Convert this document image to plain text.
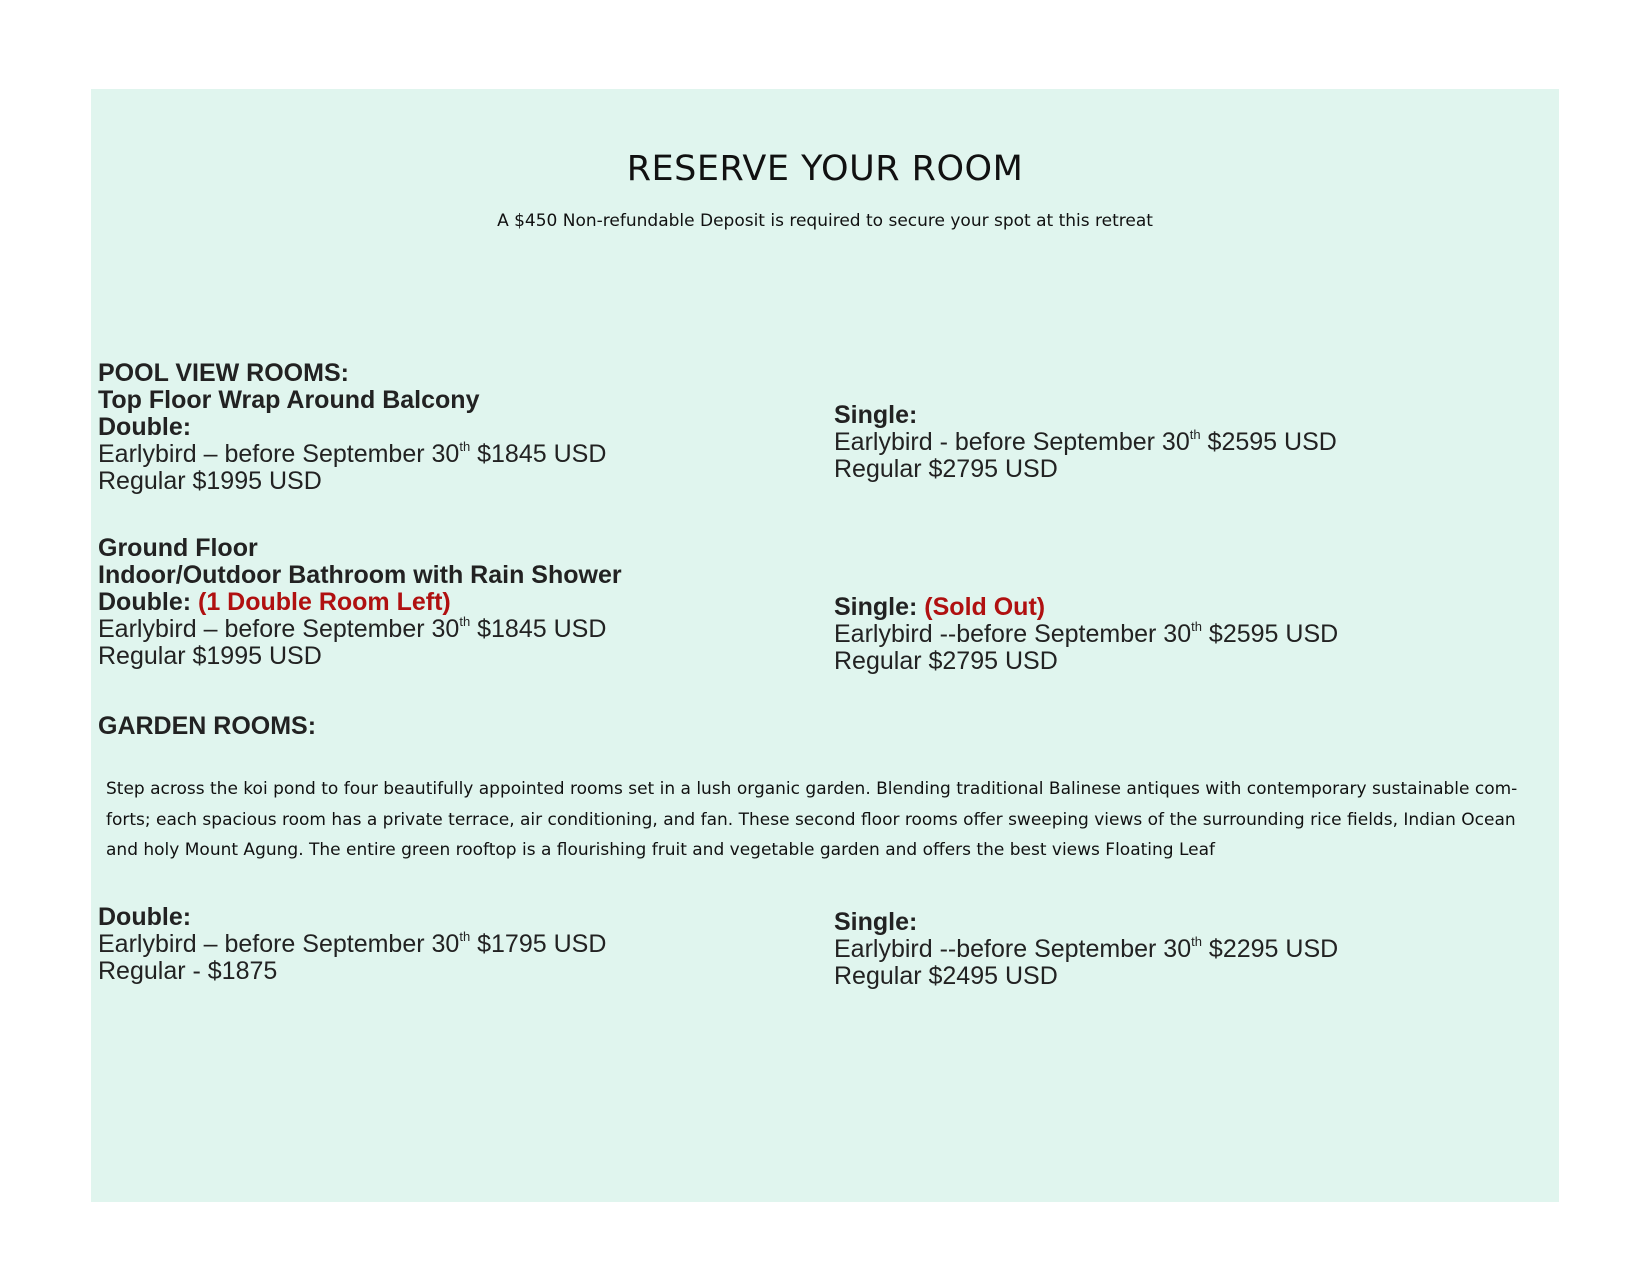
RESERVE YOUR ROOM
A $450 Non-refundable Deposit is required to secure your spot at this retreat
POOL VIEW ROOMS:
Top Floor Wrap Around Balcony
Double:
Earlybird – before September 30th $1845 USD
Regular $1995 USD
Single:
Earlybird - before September 30th $2595 USD
Regular $2795 USD
Ground Floor
Indoor/Outdoor Bathroom with Rain Shower
Double: (1 Double Room Left)
Earlybird – before September 30th $1845 USD
Regular $1995 USD
Single: (Sold Out)
Earlybird --before September 30th $2595 USD
Regular $2795 USD
GARDEN ROOMS:
Step across the koi pond to four beautifully appointed rooms set in a lush organic garden. Blending traditional Balinese antiques with contemporary sustainable com-forts; each spacious room has a private terrace, air conditioning, and fan. These second floor rooms offer sweeping views of the surrounding rice fields, Indian Ocean and holy Mount Agung. The entire green rooftop is a flourishing fruit and vegetable garden and offers the best views Floating Leaf
Double:
Earlybird – before September 30th $1795 USD
Regular - $1875
Single:
Earlybird --before September 30th $2295 USD
Regular $2495 USD
